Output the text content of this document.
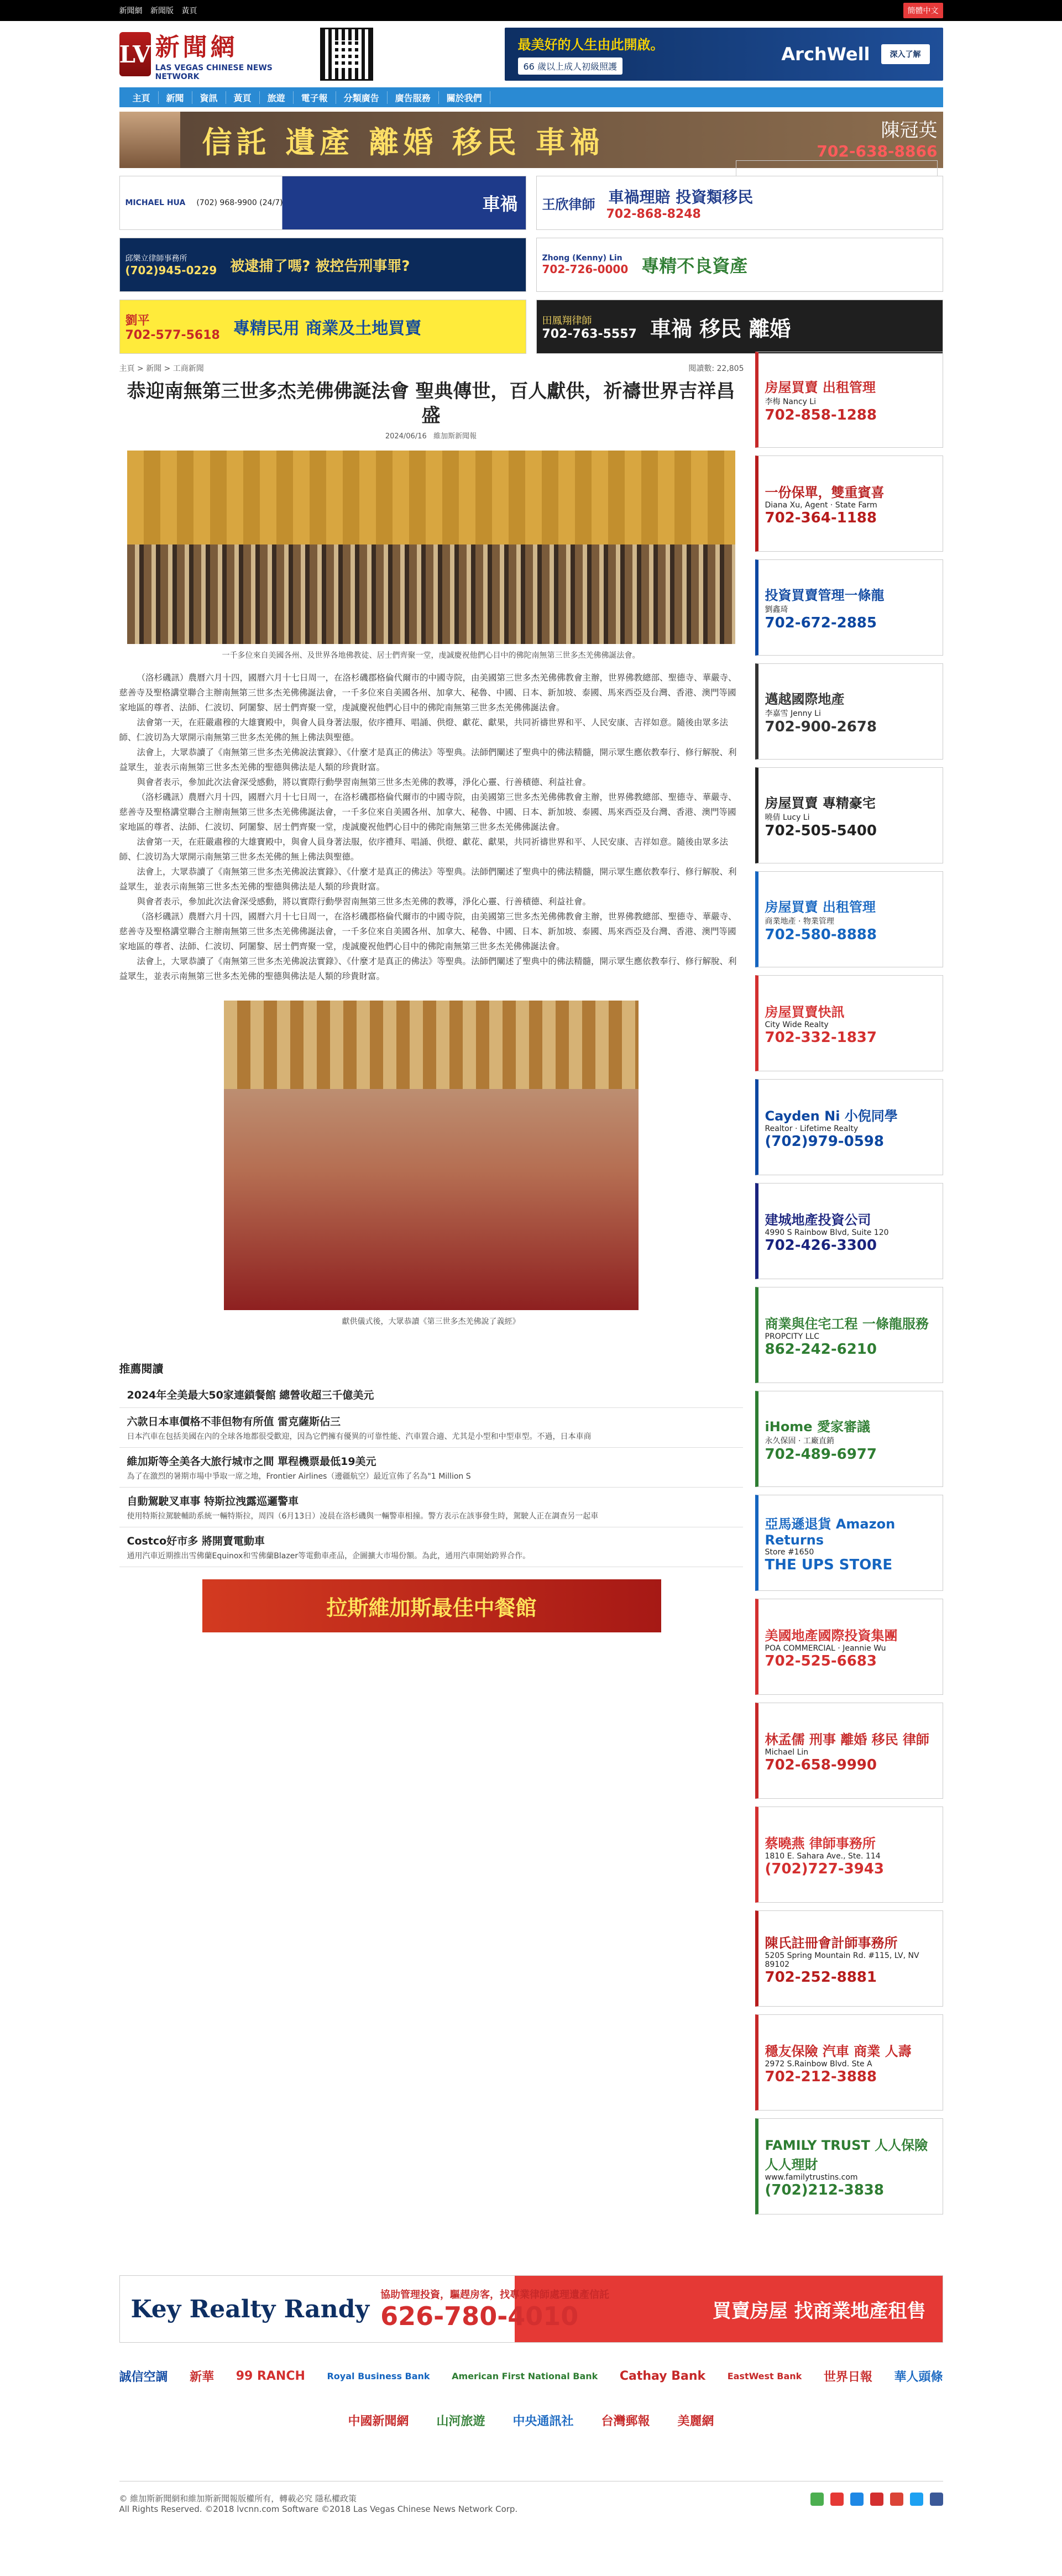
新聞網 新聞版 黃頁	簡體中文
LV 新聞網
LAS VEGAS CHINESE NEWS NETWORK
最美好的人生由此開啟。
66 歲以上成人初級照護
ArchWell	深入了解
主頁	新聞	資訊	黃頁	旅遊	電子報	分類廣告	廣告服務	關於我們
信託 遺產 離婚 移民 車禍	陳冠英
702-638-8866
MICHAEL HUA	(702) 968-9900 (24/7)	車禍	王欣律師 車禍理賠 投資類移民
702-868-8248
邱樂立律師事務所
(702)945-0229 被逮捕了嗎? 被控告刑事罪?	Zhong (Kenny) Lin
702-726-0000 專精不良資產
劉平
702-577-5618 專精民用 商業及土地買賣	田鳳翔律師
702-763-5557 車禍 移民 離婚
主頁 > 新聞 > 工商新聞	閱讀數: 22,805
恭迎南無第三世多杰羌佛佛誕法會 聖典傳世，百人獻供，祈禱世界吉祥昌盛
2024/06/16 維加斯新聞報
一千多位來自美國各州、及世界各地佛教徒、居士們齊聚一堂，虔誠慶祝他們心目中的佛陀南無第三世多杰羌佛佛誕法會。

（洛杉磯訊）農曆六月十四，國曆六月十七日周一，在洛杉磯郡格倫代爾市的中國寺院，由美國第三世多杰羌佛佛教會主辦，世界佛教總部、聖德寺、華嚴寺、慈善寺及聖格講堂聯合主辦南無第三世多杰羌佛佛誕法會，一千多位來自美國各州、加拿大、秘魯、中國、日本、新加坡、泰國、馬來西亞及台灣、香港、澳門等國家地區的尊者、法師、仁波切、阿闍黎、居士們齊聚一堂，虔誠慶祝他們心目中的佛陀南無第三世多杰羌佛佛誕法會。

法會第一天，在莊嚴肅穆的大雄寶殿中，與會人員身著法服，依序禮拜、唱誦、供燈、獻花、獻果，共同祈禱世界和平、人民安康、吉祥如意。隨後由眾多法師、仁波切為大眾開示南無第三世多杰羌佛的無上佛法與聖德。

法會上，大眾恭讀了《南無第三世多杰羌佛說法實錄》、《什麼才是真正的佛法》等聖典。法師們闡述了聖典中的佛法精髓，開示眾生應依教奉行、修行解脫、利益眾生，並表示南無第三世多杰羌佛的聖德與佛法是人類的珍貴財富。

與會者表示，參加此次法會深受感動，將以實際行動學習南無第三世多杰羌佛的教導，淨化心靈、行善積德、利益社會。

（洛杉磯訊）農曆六月十四，國曆六月十七日周一，在洛杉磯郡格倫代爾市的中國寺院，由美國第三世多杰羌佛佛教會主辦，世界佛教總部、聖德寺、華嚴寺、慈善寺及聖格講堂聯合主辦南無第三世多杰羌佛佛誕法會，一千多位來自美國各州、加拿大、秘魯、中國、日本、新加坡、泰國、馬來西亞及台灣、香港、澳門等國家地區的尊者、法師、仁波切、阿闍黎、居士們齊聚一堂，虔誠慶祝他們心目中的佛陀南無第三世多杰羌佛佛誕法會。

法會第一天，在莊嚴肅穆的大雄寶殿中，與會人員身著法服，依序禮拜、唱誦、供燈、獻花、獻果，共同祈禱世界和平、人民安康、吉祥如意。隨後由眾多法師、仁波切為大眾開示南無第三世多杰羌佛的無上佛法與聖德。

法會上，大眾恭讀了《南無第三世多杰羌佛說法實錄》、《什麼才是真正的佛法》等聖典。法師們闡述了聖典中的佛法精髓，開示眾生應依教奉行、修行解脫、利益眾生，並表示南無第三世多杰羌佛的聖德與佛法是人類的珍貴財富。

與會者表示，參加此次法會深受感動，將以實際行動學習南無第三世多杰羌佛的教導，淨化心靈、行善積德、利益社會。

（洛杉磯訊）農曆六月十四，國曆六月十七日周一，在洛杉磯郡格倫代爾市的中國寺院，由美國第三世多杰羌佛佛教會主辦，世界佛教總部、聖德寺、華嚴寺、慈善寺及聖格講堂聯合主辦南無第三世多杰羌佛佛誕法會，一千多位來自美國各州、加拿大、秘魯、中國、日本、新加坡、泰國、馬來西亞及台灣、香港、澳門等國家地區的尊者、法師、仁波切、阿闍黎、居士們齊聚一堂，虔誠慶祝他們心目中的佛陀南無第三世多杰羌佛佛誕法會。

法會上，大眾恭讀了《南無第三世多杰羌佛說法實錄》、《什麼才是真正的佛法》等聖典。法師們闡述了聖典中的佛法精髓，開示眾生應依教奉行、修行解脫、利益眾生，並表示南無第三世多杰羌佛的聖德與佛法是人類的珍貴財富。

獻供儀式後，大眾恭讀《第三世多杰羌佛說了義經》
推薦閱讀
2024年全美最大50家連鎖餐館 總營收超三千億美元
六款日本車價格不菲但物有所值 雷克薩斯佔三
日本汽車在包括美國在內的全球各地都很受歡迎，因為它們擁有優異的可靠性能、汽車置合適、尤其是小型和中型車型。不過，日本車商
維加斯等全美各大旅行城市之間 單程機票最低19美元
為了在激烈的暑期市場中爭取一席之地，Frontier Airlines（邊疆航空）最近宣佈了名為"1 Million S
自動駕駛叉車事 特斯拉洩露巡邏警車
使用特斯拉駕駛輔助系統一輛特斯拉，周四（6月13日）凌晨在洛杉磯與一輛警車相撞。警方表示在該事發生時，駕駛人正在調查另一起車
Costco好市多 將開賣電動車
通用汽車近期推出雪佛蘭Equinox和雪佛蘭Blazer等電動車產品，企圖擴大市場份額。為此，通用汽車開始跨界合作。
拉斯維加斯最佳中餐館
房屋買賣 出租管理
李梅 Nancy Li
702-858-1288
一份保單，雙重賓喜
Diana Xu, Agent · State Farm
702-364-1188
投資買賣管理一條龍
劉鑫琦
702-672-2885
邁越國際地產
李嘉雪 Jenny Li
702-900-2678
房屋買賣 專精豪宅
曉倩 Lucy Li
702-505-5400
房屋買賣 出租管理
商業地產 · 物業管理
702-580-8888
房屋買賣快訊
City Wide Realty
702-332-1837
Cayden Ni 小倪同學
Realtor · Lifetime Realty
(702)979-0598
建城地產投資公司
4990 S Rainbow Blvd, Suite 120
702-426-3300
商業與住宅工程 一條龍服務
PROPCITY LLC
862-242-6210
iHome 愛家審議
永久保固 · 工廠直銷
702-489-6977
亞馬遜退貨 Amazon Returns
Store #1650
THE UPS STORE
美國地產國際投資集團
POA COMMERCIAL · Jeannie Wu
702-525-6683
林孟儒 刑事 離婚 移民 律師
Michael Lin
702-658-9990
蔡曉燕 律師事務所
1810 E. Sahara Ave., Ste. 114
(702)727-3943
陳氏註冊會計師事務所
5205 Spring Mountain Rd. #115, LV, NV 89102
702-252-8881
穩友保險 汽車 商業 人壽
2972 S.Rainbow Blvd. Ste A
702-212-3888
FAMILY TRUST 人人保險 人人理財
www.familytrustins.com
(702)212-3838
Key Realty Randy 協助管理投資，驅趕房客，找專業律師處理遺產信託
626-780-4010	買賣房屋 找商業地產租售
誠信空調 新華 99 RANCH Royal Business Bank American First National Bank Cathay Bank EastWest Bank 世界日報 華人頭條
中國新聞網 山河旅遊 中央通訊社 台灣郵報 美麗網
© 維加斯新聞網和維加斯新聞報版權所有，轉載必究 隱私權政策
All Rights Reserved. ©2018 lvcnn.com Software ©2018 Las Vegas Chinese News Network Corp.
